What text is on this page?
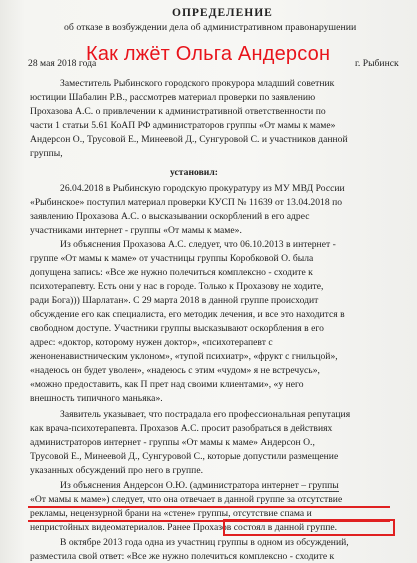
ОПРЕДЕЛЕНИЕ
об отказе в возбуждении дела об административном правонарушении
28 мая 2018 года	г. Рыбинск
Заместитель Рыбинского городского прокурора младший советник
юстиции Шабалин Р.В., рассмотрев материал проверки по заявлению
Прохазова А.С. о привлечении к административной ответственности по
части 1 статьи 5.61 КоАП РФ администраторов группы «От мамы к маме»
Андерсон О., Трусовой Е., Минеевой Д., Сунгуровой С. и участников данной
группы,
установил:
26.04.2018 в Рыбинскую городскую прокуратуру из МУ МВД России
«Рыбинское» поступил материал проверки КУСП № 11639 от 13.04.2018 по
заявлению Прохазова А.С. о высказывании оскорблений в его адрес
участниками интернет - группы «От мамы к маме».
Из объяснения Прохазова А.С. следует, что 06.10.2013 в интернет -
группе «От мамы к маме» от участницы группы Коробковой О. была
допущена запись: «Все же нужно полечиться комплексно - сходите к
психотерапевту. Есть они у нас в городе. Только к Прохазову не ходите,
ради Бога))) Шарлатан». С 29 марта 2018 в данной группе происходит
обсуждение его как специалиста, его методик лечения, и все это находится в
свободном доступе. Участники группы высказывают оскорбления в его
адрес: «доктор, которому нужен доктор», «психотерапевт с
женоненавистническим уклоном», «тупой психиатр», «фрукт с гнильцой»,
«надеюсь он будет уволен», «надеюсь с этим «чудом» я не встречусь»,
«можно предоставить, как П прет над своими клиентами», «у него
внешность типичного маньяка».
Заявитель указывает, что пострадала его профессиональная репутация
как врача-психотерапевта. Прохазов А.С. просит разобраться в действиях
администраторов интернет - группы «От мамы к маме» Андерсон О.,
Трусовой Е., Минеевой Д., Сунгуровой С., которые допустили размещение
указанных обсуждений про него в группе.
Из объяснения Андерсон О.Ю. (администратора интернет – группы
«От мамы к маме») следует, что она отвечает в данной группе за отсутствие
рекламы, нецензурной брани на «стене» группы, отсутствие спама и
непристойных видеоматериалов. Ранее Прохазов состоял в данной группе.
В октябре 2013 года одна из участниц группы в одном из обсуждений,
разместила свой ответ: «Все же нужно полечиться комплексно - сходите к
Как лжёт Ольга Андерсон
